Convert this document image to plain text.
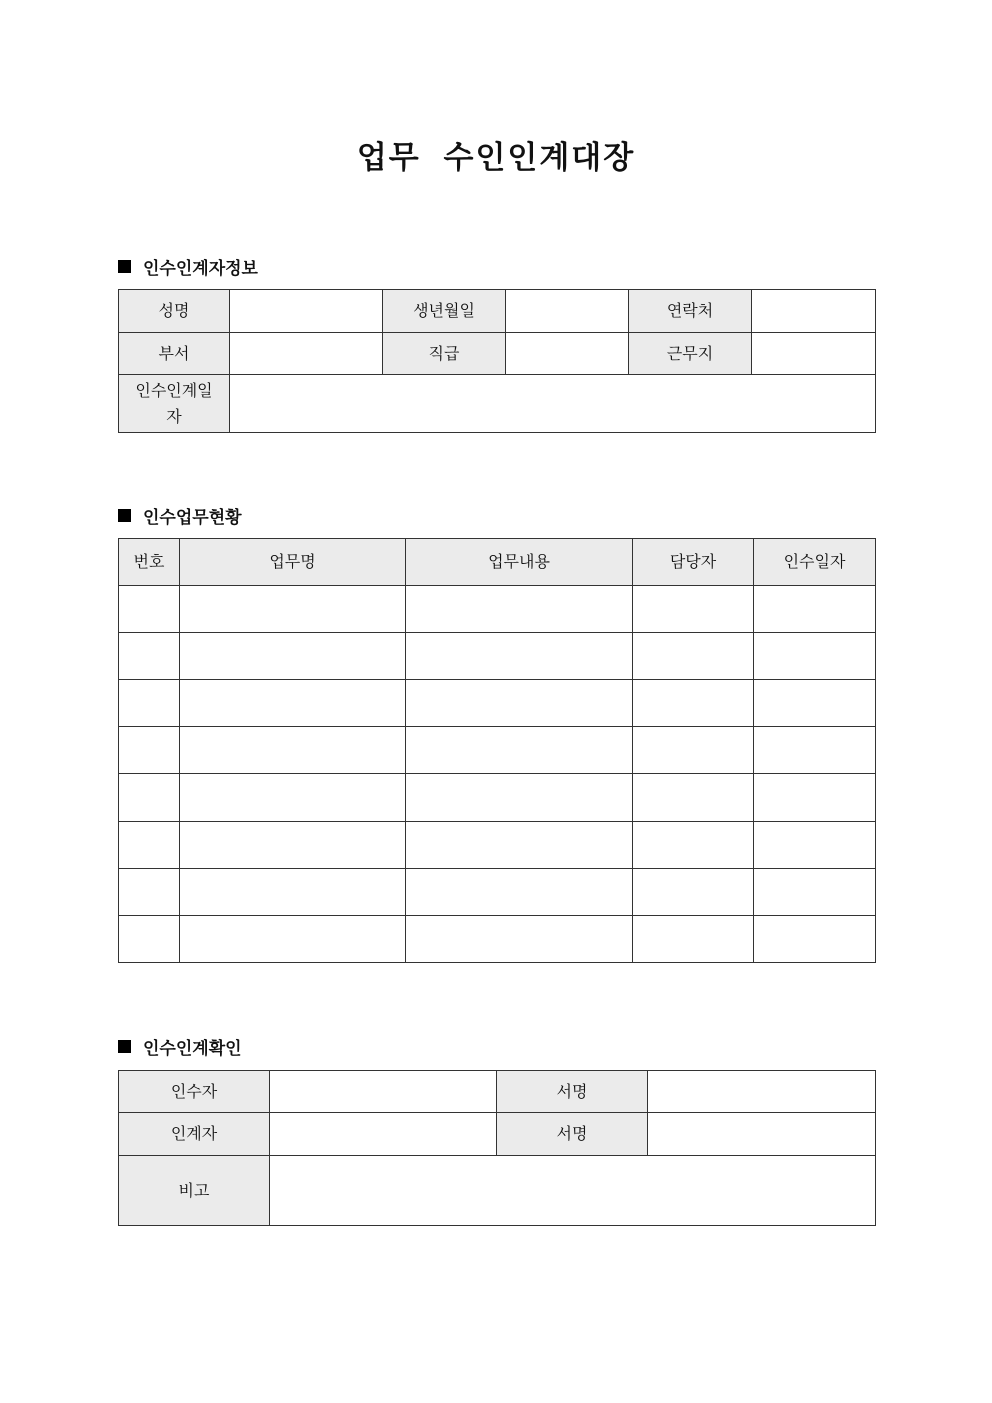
업무 수인인계대장
인수인계자정보
성명		생년월일		연락처	
부서		직급		근무지	
인수인계일자					
인수업무현황
번호	업무명	업무내용	담당자	인수일자

인수인계확인
인수자		서명	
인계자		서명	
비고			
